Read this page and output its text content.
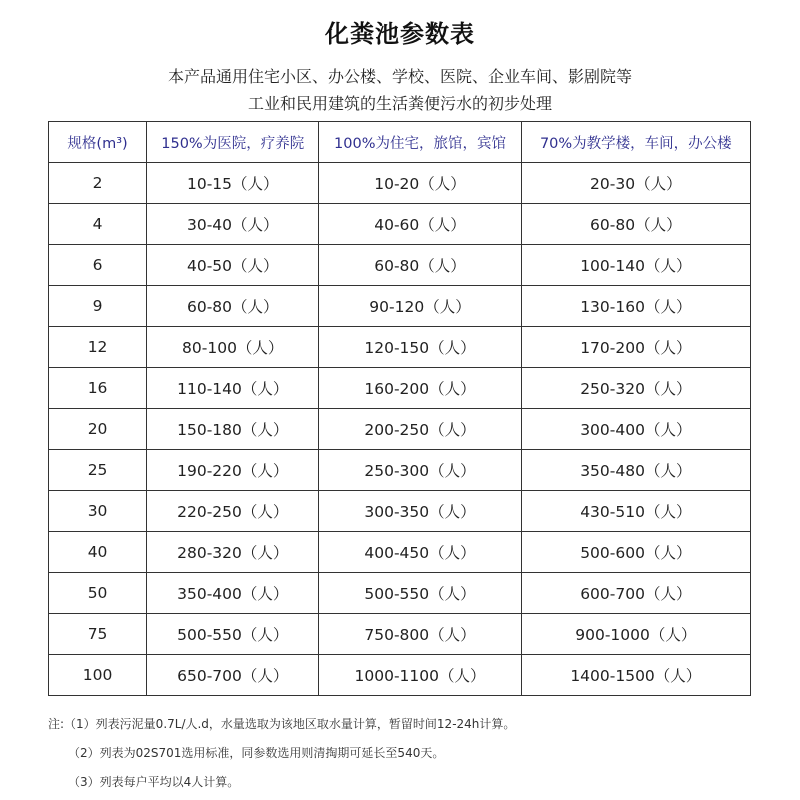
化粪池参数表
本产品通用住宅小区、办公楼、学校、医院、企业车间、影剧院等
工业和民用建筑的生活粪便污水的初步处理
规格(m³)	150%为医院，疗养院	100%为住宅，旅馆，宾馆	70%为教学楼，车间，办公楼
2	10-15（人）	10-20（人）	20-30（人）
4	30-40（人）	40-60（人）	60-80（人）
6	40-50（人）	60-80（人）	100-140（人）
9	60-80（人）	90-120（人）	130-160（人）
12	80-100（人）	120-150（人）	170-200（人）
16	110-140（人）	160-200（人）	250-320（人）
20	150-180（人）	200-250（人）	300-400（人）
25	190-220（人）	250-300（人）	350-480（人）
30	220-250（人）	300-350（人）	430-510（人）
40	280-320（人）	400-450（人）	500-600（人）
50	350-400（人）	500-550（人）	600-700（人）
75	500-550（人）	750-800（人）	900-1000（人）
100	650-700（人）	1000-1100（人）	1400-1500（人）
注:（1）列表污泥量0.7L/人.d，水量选取为该地区取水量计算，暂留时间12-24h计算。
（2）列表为02S701选用标准，同参数选用则清掏期可延长至540天。
（3）列表每户平均以4人计算。
